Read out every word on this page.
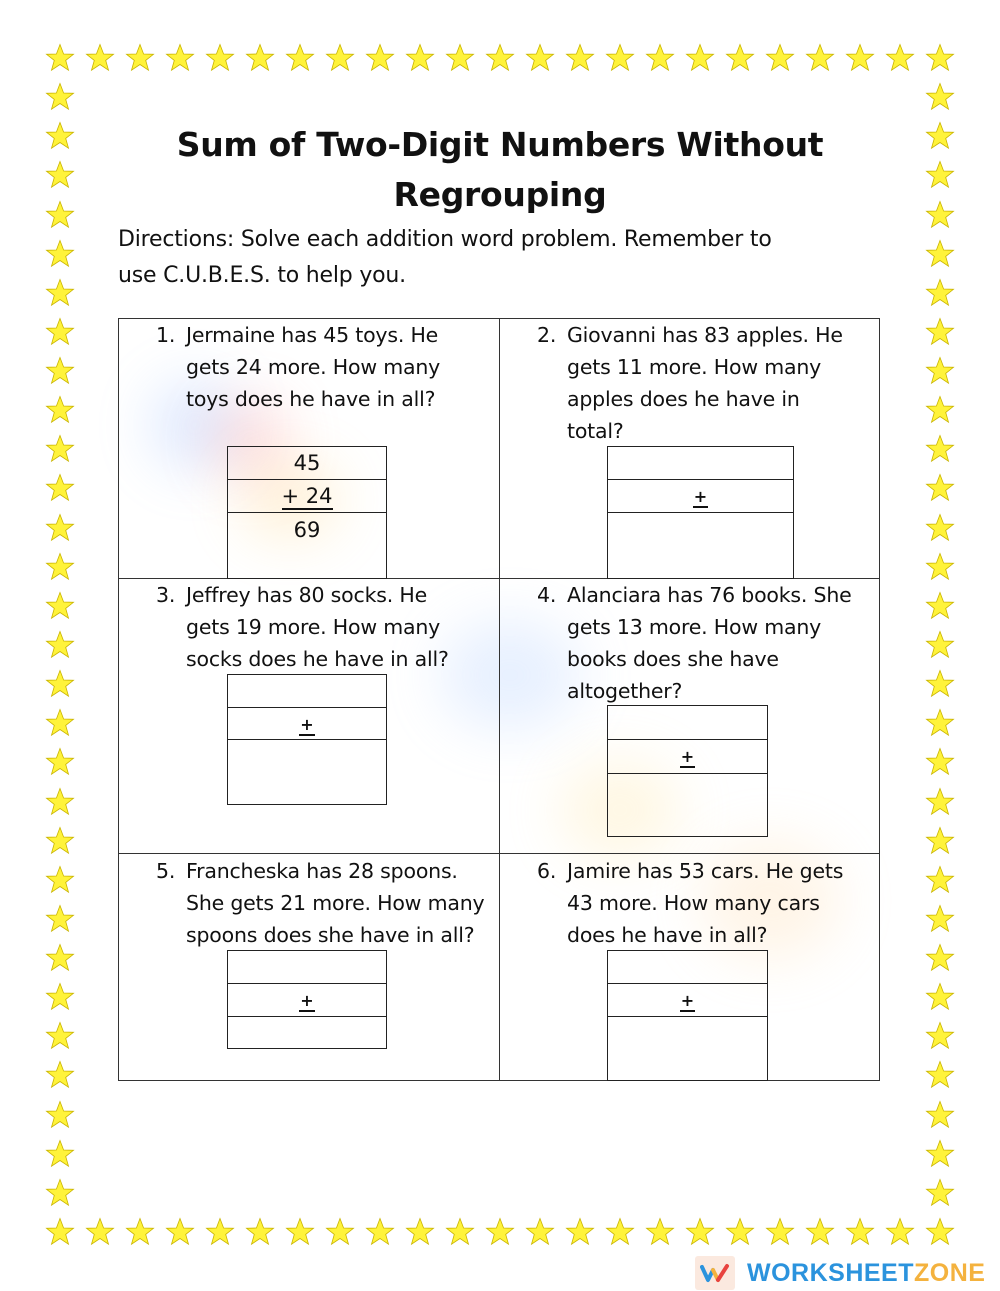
Sum of Two-Digit Numbers Without
Regrouping
Directions: Solve each addition word problem. Remember to
use C.U.B.E.S. to help you.
1. Jermaine has 45 toys. He
gets 24 more. How many
toys does he have in all?
45
+ 24
69
2. Giovanni has 83 apples. He
gets 11 more. How many
apples does he have in
total?
+
3. Jeffrey has 80 socks. He
gets 19 more. How many
socks does he have in all?
+
4. Alanciara has 76 books. She
gets 13 more. How many
books does she have
altogether?
+
5. Francheska has 28 spoons.
She gets 21 more. How many
spoons does she have in all?
+
6. Jamire has 53 cars. He gets
43 more. How many cars
does he have in all?
+
WORKSHEETZONE
